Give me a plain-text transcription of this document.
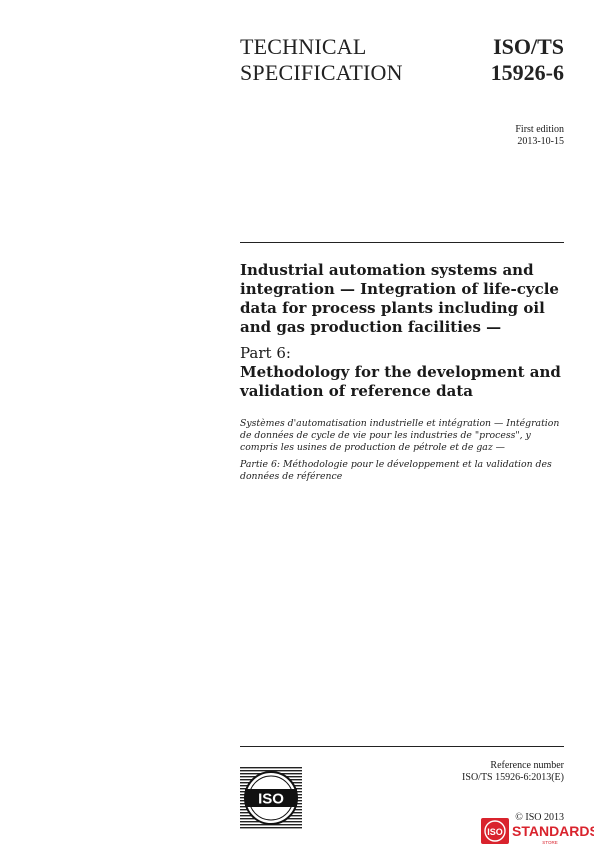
TECHNICAL
SPECIFICATION
ISO/TS
15926-6
First edition
2013-10-15
Industrial automation systems and integration — Integration of life-cycle data for process plants including oil and gas production facilities —
Part 6:
Methodology for the development and validation of reference data
Systèmes d'automatisation industrielle et intégration — Intégration de données de cycle de vie pour les industries de "process", y compris les usines de production de pétrole et de gaz —
Partie 6: Méthodologie pour le développement et la validation des données de référence
ISO
Reference number
ISO/TS 15926-6:2013(E)
© ISO 2013
ISO STANDARDS
STORE
